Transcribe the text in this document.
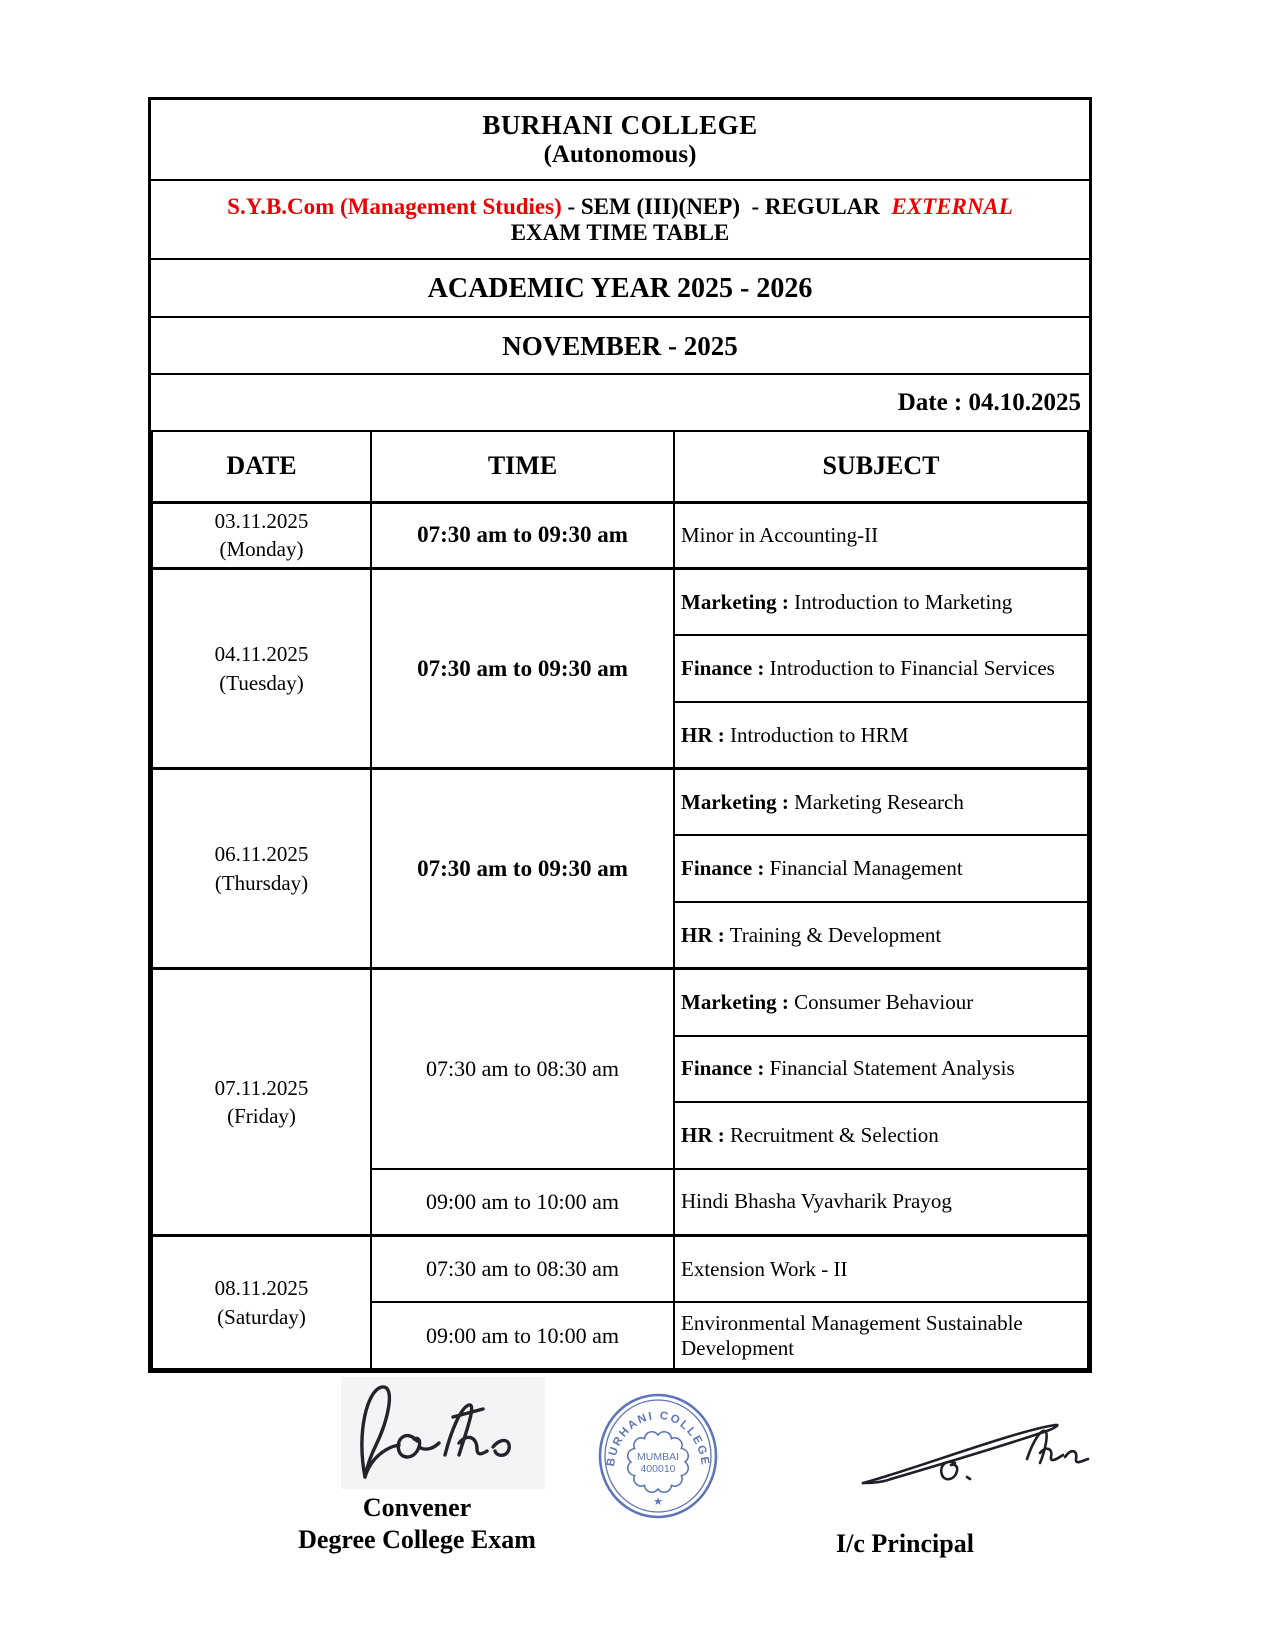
BURHANI COLLEGE
(Autonomous)
S.Y.B.Com (Management Studies) - SEM (III)(NEP)  - REGULAR  EXTERNAL
EXAM TIME TABLE
ACADEMIC YEAR 2025 - 2026
NOVEMBER - 2025
Date : 04.10.2025
DATE	TIME	SUBJECT
03.11.2025
(Monday)	07:30 am to 09:30 am	Minor in Accounting-II
04.11.2025
(Tuesday)	07:30 am to 09:30 am	Marketing : Introduction to Marketing
		Finance : Introduction to Financial Services
		HR : Introduction to HRM
06.11.2025
(Thursday)	07:30 am to 09:30 am	Marketing : Marketing Research
		Finance : Financial Management
		HR : Training & Development
07.11.2025
(Friday)	07:30 am to 08:30 am	Marketing : Consumer Behaviour
		Finance : Financial Statement Analysis
		HR : Recruitment & Selection
	09:00 am to 10:00 am	Hindi Bhasha Vyavharik Prayog
08.11.2025
(Saturday)	07:30 am to 08:30 am	Extension Work - II
	09:00 am to 10:00 am	Environmental Management Sustainable Development
BURHANI COLLEGE
MUMBAI
400010
★
Convener
Degree College Exam	I/c Principal
